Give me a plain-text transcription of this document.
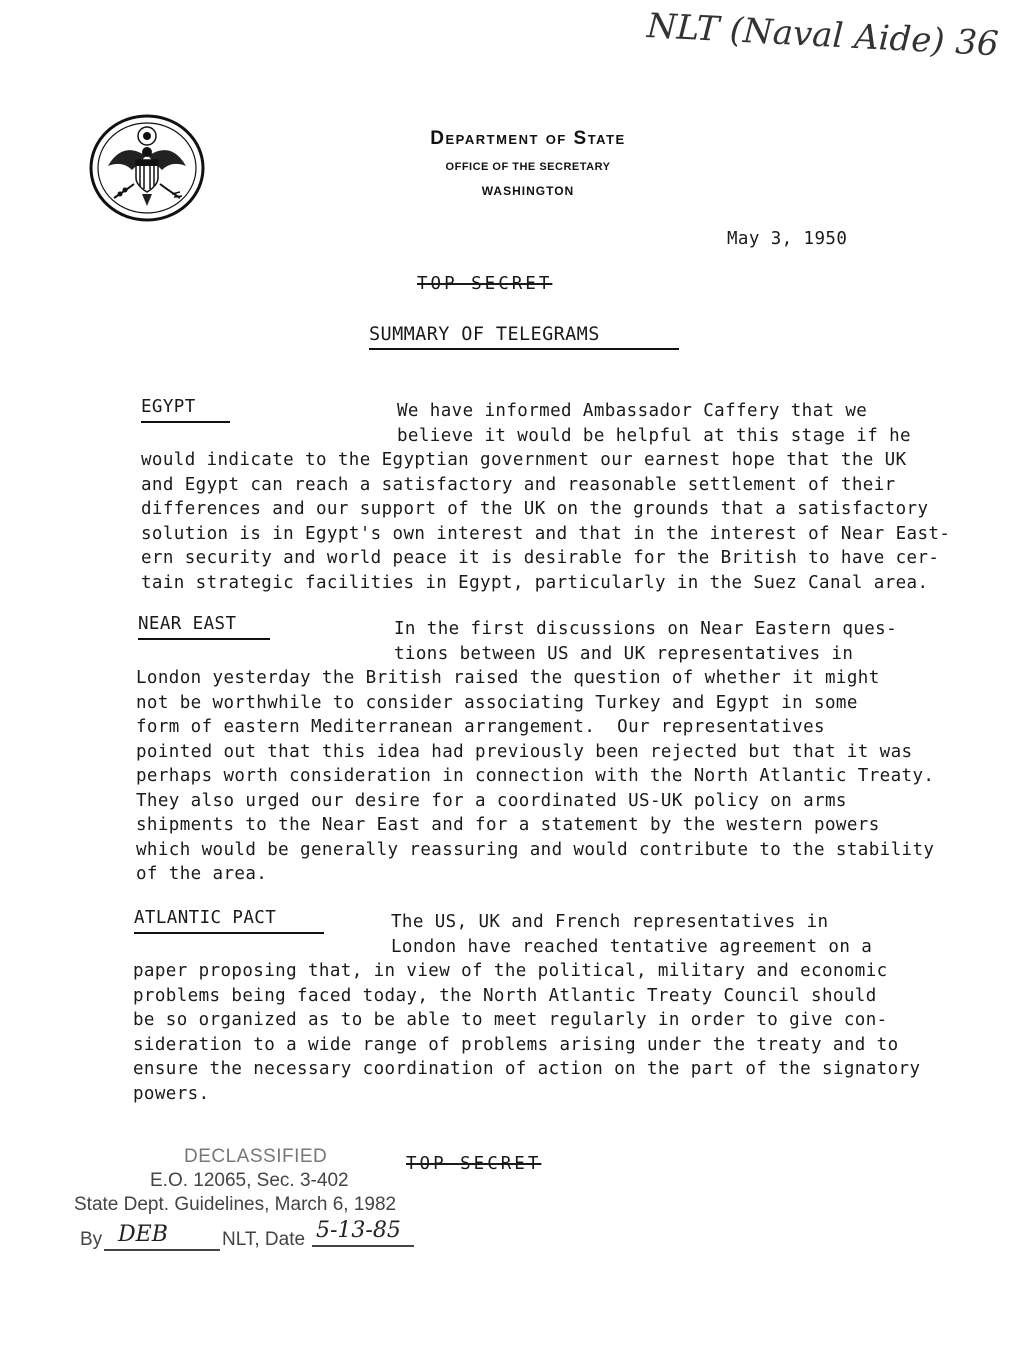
NLT (Naval Aide) 36
Department of State
OFFICE OF THE SECRETARY
WASHINGTON
May 3, 1950
TOP SECRET
SUMMARY OF TELEGRAMS
EGYPT	We have informed Ambassador Caffery that we
believe it would be helpful at this stage if he
would indicate to the Egyptian government our earnest hope that the UK
and Egypt can reach a satisfactory and reasonable settlement of their
differences and our support of the UK on the grounds that a satisfactory
solution is in Egypt's own interest and that in the interest of Near East-
ern security and world peace it is desirable for the British to have cer-
tain strategic facilities in Egypt, particularly in the Suez Canal area.
NEAR EAST	In the first discussions on Near Eastern ques-
tions between US and UK representatives in
London yesterday the British raised the question of whether it might
not be worthwhile to consider associating Turkey and Egypt in some
form of eastern Mediterranean arrangement.  Our representatives
pointed out that this idea had previously been rejected but that it was
perhaps worth consideration in connection with the North Atlantic Treaty.
They also urged our desire for a coordinated US-UK policy on arms
shipments to the Near East and for a statement by the western powers
which would be generally reassuring and would contribute to the stability
of the area.
ATLANTIC PACT	The US, UK and French representatives in
London have reached tentative agreement on a
paper proposing that, in view of the political, military and economic
problems being faced today, the North Atlantic Treaty Council should
be so organized as to be able to meet regularly in order to give con-
sideration to a wide range of problems arising under the treaty and to
ensure the necessary coordination of action on the part of the signatory
powers.
TOP SECRET
DECLASSIFIED
E.O. 12065, Sec. 3-402
State Dept. Guidelines, March 6, 1982
By DEB	NLT, Date 5-13-85
